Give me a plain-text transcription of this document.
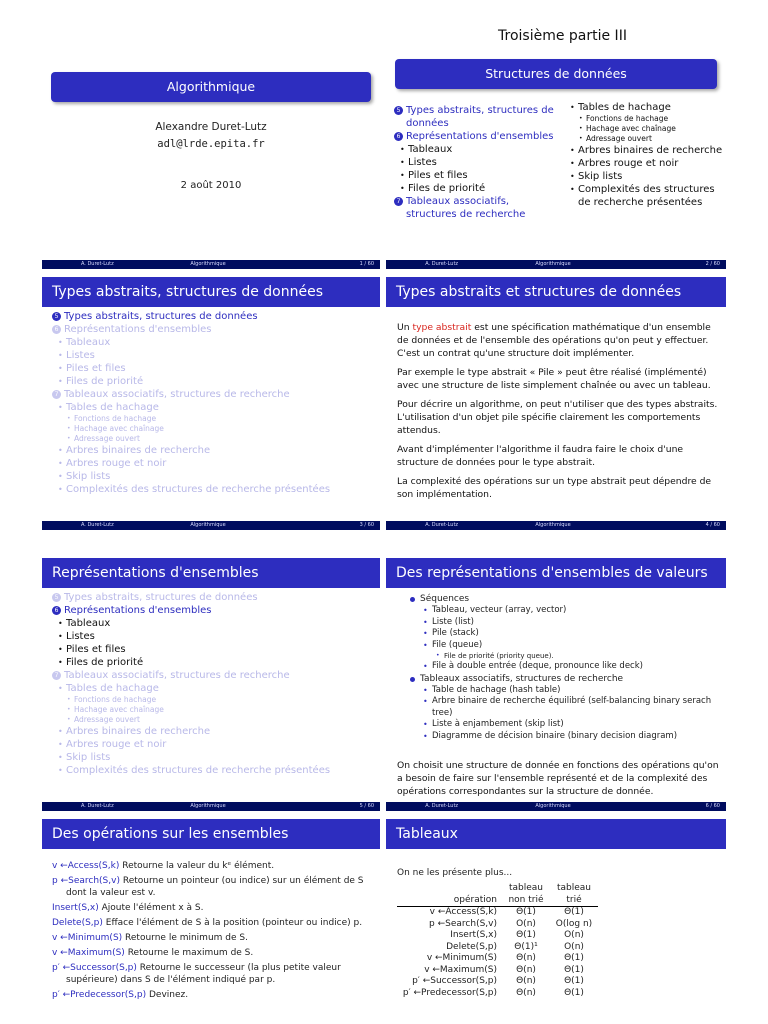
Troisième partie III
Algorithmique
Alexandre Duret-Lutz
adl@lrde.epita.fr
2 août 2010
A. Duret-Lutz	Algorithmique	1 / 60
Structures de données
5 Types abstraits, structures de données
6 Représentations d'ensembles
• Tableaux
• Listes
• Piles et files
• Files de priorité
7 Tableaux associatifs, structures de recherche
• Tables de hachage
• Fonctions de hachage
• Hachage avec chaînage
• Adressage ouvert
• Arbres binaires de recherche
• Arbres rouge et noir
• Skip lists
• Complexités des structures de recherche présentées
A. Duret-Lutz	Algorithmique	2 / 60
Types abstraits, structures de données
5 Types abstraits, structures de données
6 Représentations d'ensembles
• Tableaux
• Listes
• Piles et files
• Files de priorité
7 Tableaux associatifs, structures de recherche
• Tables de hachage
• Fonctions de hachage
• Hachage avec chaînage
• Adressage ouvert
• Arbres binaires de recherche
• Arbres rouge et noir
• Skip lists
• Complexités des structures de recherche présentées
A. Duret-Lutz	Algorithmique	3 / 60
Types abstraits et structures de données

Un type abstrait est une spécification mathématique d'un ensemble de données et de l'ensemble des opérations qu'on peut y effectuer. C'est un contrat qu'une structure doit implémenter.

Par exemple le type abstrait « Pile » peut être réalisé (implémenté) avec une structure de liste simplement chaînée ou avec un tableau.

Pour décrire un algorithme, on peut n'utiliser que des types abstraits. L'utilisation d'un objet pile spécifie clairement les comportements attendus.

Avant d'implémenter l'algorithme il faudra faire le choix d'une structure de données pour le type abstrait.

La complexité des opérations sur un type abstrait peut dépendre de son implémentation.

A. Duret-Lutz	Algorithmique	4 / 60
Représentations d'ensembles
5 Types abstraits, structures de données
6 Représentations d'ensembles
• Tableaux
• Listes
• Piles et files
• Files de priorité
7 Tableaux associatifs, structures de recherche
• Tables de hachage
• Fonctions de hachage
• Hachage avec chaînage
• Adressage ouvert
• Arbres binaires de recherche
• Arbres rouge et noir
• Skip lists
• Complexités des structures de recherche présentées
A. Duret-Lutz	Algorithmique	5 / 60
Des représentations d'ensembles de valeurs
Séquences
• Tableau, vecteur (array, vector)
• Liste (list)
• Pile (stack)
• File (queue)
• File de priorité (priority queue).
• File à double entrée (deque, pronounce like deck)
Tableaux associatifs, structures de recherche
• Table de hachage (hash table)
• Arbre binaire de recherche équilibré (self-balancing binary serach tree)
• Liste à enjambement (skip list)
• Diagramme de décision binaire (binary decision diagram)
On choisit une structure de donnée en fonctions des opérations qu'on a besoin de faire sur l'ensemble représenté et de la complexité des opérations correspondantes sur la structure de donnée.
A. Duret-Lutz	Algorithmique	6 / 60
Des opérations sur les ensembles
v ←Access(S,k) Retourne la valeur du kᵉ élément.
p ←Search(S,v) Retourne un pointeur (ou indice) sur un élément de S dont la valeur est v.
Insert(S,x) Ajoute l'élément x à S.
Delete(S,p) Efface l'élément de S à la position (pointeur ou indice) p.
v ←Minimum(S) Retourne le minimum de S.
v ←Maximum(S) Retourne le maximum de S.
p′ ←Successor(S,p) Retourne le successeur (la plus petite valeur supérieure) dans S de l'élément indiqué par p.
p′ ←Predecessor(S,p) Devinez.
Tableaux
On ne les présente plus...
opération	tableau non trié	tableau trié
v ←Access(S,k)	Θ(1)	Θ(1)
p ←Search(S,v)	O(n)	O(log n)
Insert(S,x)	Θ(1)	O(n)
Delete(S,p)	Θ(1)¹	O(n)
v ←Minimum(S)	Θ(n)	Θ(1)
v ←Maximum(S)	Θ(n)	Θ(1)
p′ ←Successor(S,p)	Θ(n)	Θ(1)
p′ ←Predecessor(S,p)	Θ(n)	Θ(1)
